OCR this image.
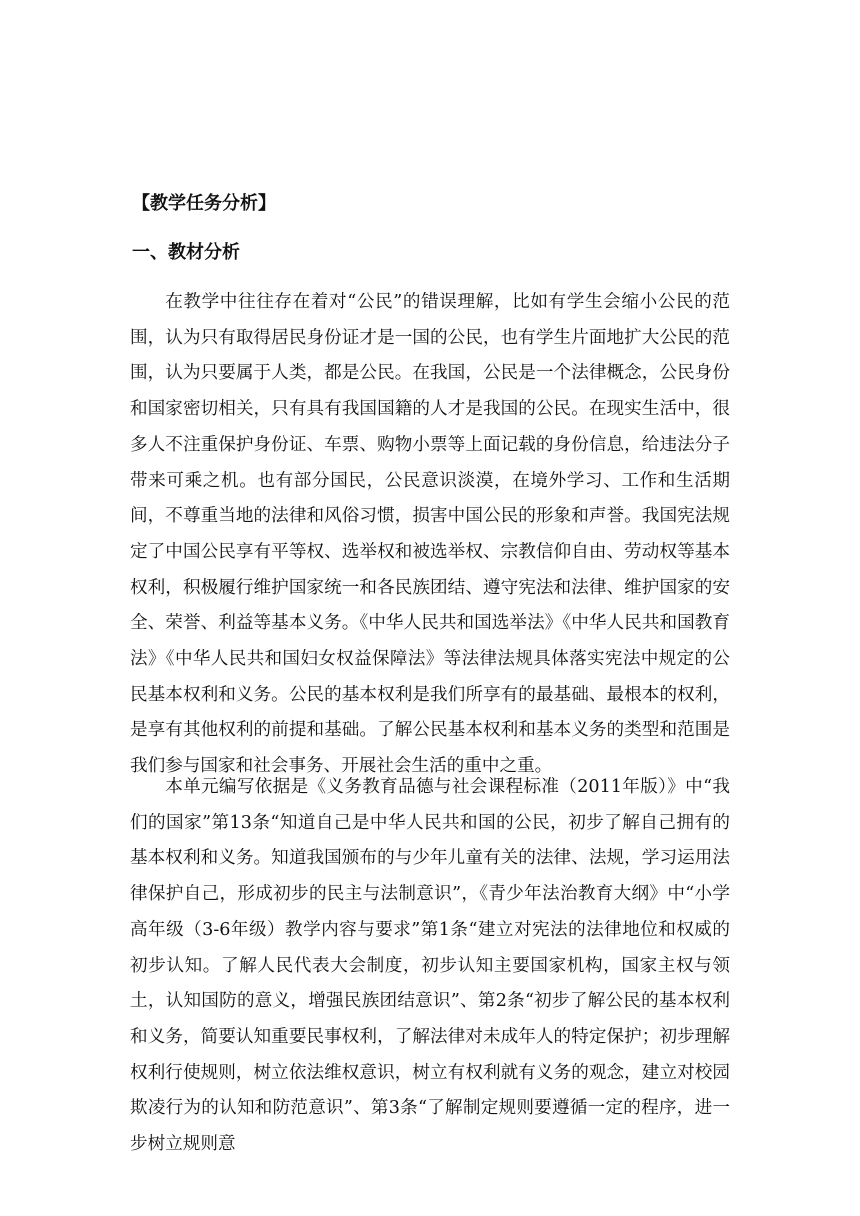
【教学任务分析】
一、教材分析

在教学中往往存在着对“公民”的错误理解，比如有学生会缩小公民的范围，认为只有取得居民身份证才是一国的公民，也有学生片面地扩大公民的范围，认为只要属于人类，都是公民。在我国，公民是一个法律概念，公民身份和国家密切相关，只有具有我国国籍的人才是我国的公民。在现实生活中，很多人不注重保护身份证、车票、购物小票等上面记载的身份信息，给违法分子带来可乘之机。也有部分国民，公民意识淡漠，在境外学习、工作和生活期间，不尊重当地的法律和风俗习惯，损害中国公民的形象和声誉。我国宪法规定了中国公民享有平等权、选举权和被选举权、宗教信仰自由、劳动权等基本权利，积极履行维护国家统一和各民族团结、遵守宪法和法律、维护国家的安全、荣誉、利益等基本义务。《中华人民共和国选举法》《中华人民共和国教育法》《中华人民共和国妇女权益保障法》等法律法规具体落实宪法中规定的公民基本权利和义务。公民的基本权利是我们所享有的最基础、最根本的权利，是享有其他权利的前提和基础。了解公民基本权利和基本义务的类型和范围是我们参与国家和社会事务、开展社会生活的重中之重。

本单元编写依据是《义务教育品德与社会课程标准（2011年版）》中“我们的国家”第13条“知道自己是中华人民共和国的公民，初步了解自己拥有的基本权利和义务。知道我国颁布的与少年儿童有关的法律、法规，学习运用法律保护自己，形成初步的民主与法制意识”，《青少年法治教育大纲》中“小学高年级（3-6年级）教学内容与要求”第1条“建立对宪法的法律地位和权威的初步认知。了解人民代表大会制度，初步认知主要国家机构，国家主权与领土，认知国防的意义，增强民族团结意识”、第2条“初步了解公民的基本权利和义务，简要认知重要民事权利，了解法律对未成年人的特定保护；初步理解权利行使规则，树立依法维权意识，树立有权利就有义务的观念，建立对校园欺凌行为的认知和防范意识”、第3条“了解制定规则要遵循一定的程序，进一步树立规则意
